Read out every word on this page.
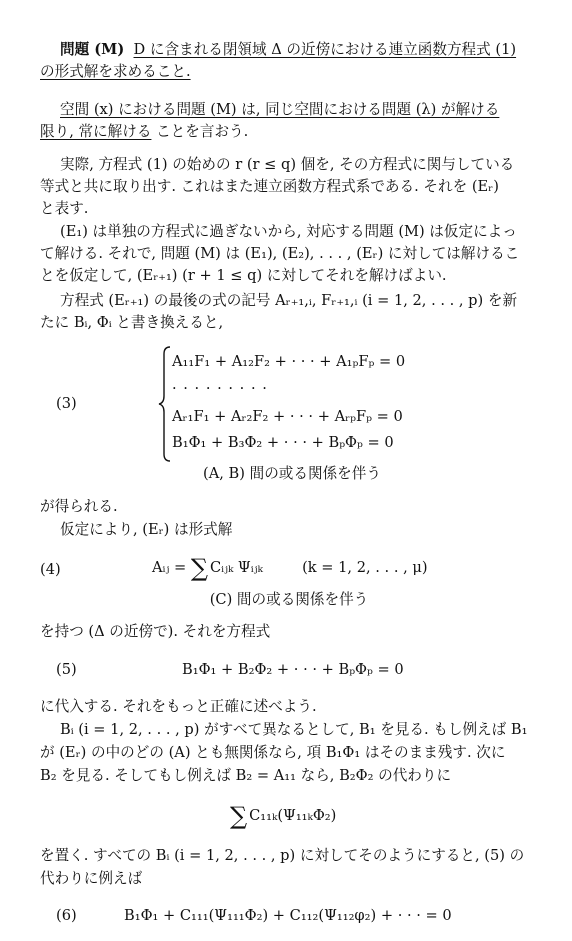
問題 (M) D に含まれる閉領域 Δ の近傍における連立函数方程式 (1)
の形式解を求めること.
空間 (x) における問題 (M) は, 同じ空間における問題 (λ) が解ける
限り, 常に解ける ことを言おう.
実際, 方程式 (1) の始めの r (r ≤ q) 個を, その方程式に関与している
等式と共に取り出す. これはまた連立函数方程式系である. それを (Eᵣ)
と表す.
(E₁) は単独の方程式に過ぎないから, 対応する問題 (M) は仮定によっ
て解ける. それで, 問題 (M) は (E₁), (E₂), . . . , (Eᵣ) に対しては解けるこ
とを仮定して, (Eᵣ₊₁) (r + 1 ≤ q) に対してそれを解けばよい.
方程式 (Eᵣ₊₁) の最後の式の記号 Aᵣ₊₁,ᵢ, Fᵣ₊₁,ᵢ (i = 1, 2, . . . , p) を新
たに Bᵢ, Φᵢ と書き換えると,
(3)
A₁₁F₁ + A₁₂F₂ + · · · + A₁ₚFₚ = 0
· · · · · · · · ·
Aᵣ₁F₁ + Aᵣ₂F₂ + · · · + AᵣₚFₚ = 0
B₁Φ₁ + B₃Φ₂ + · · · + BₚΦₚ = 0
(A, B) 間の或る関係を伴う
が得られる.
仮定により, (Eᵣ) は形式解
(4)	Aᵢⱼ = ∑ Cᵢⱼₖ Ψᵢⱼₖ	(k = 1, 2, . . . , μ)
(C) 間の或る関係を伴う
を持つ (Δ の近傍で). それを方程式
(5)	B₁Φ₁ + B₂Φ₂ + · · · + BₚΦₚ = 0
に代入する. それをもっと正確に述べよう.
Bᵢ (i = 1, 2, . . . , p) がすべて異なるとして, B₁ を見る. もし例えば B₁
が (Eᵣ) の中のどの (A) とも無関係なら, 項 B₁Φ₁ はそのまま残す. 次に
B₂ を見る. そしてもし例えば B₂ = A₁₁ なら, B₂Φ₂ の代わりに
∑ C₁₁ₖ(Ψ₁₁ₖΦ₂)
を置く. すべての Bᵢ (i = 1, 2, . . . , p) に対してそのようにすると, (5) の
代わりに例えば
(6)	B₁Φ₁ + C₁₁₁(Ψ₁₁₁Φ₂) + C₁₁₂(Ψ₁₁₂φ₂) + · · · = 0
